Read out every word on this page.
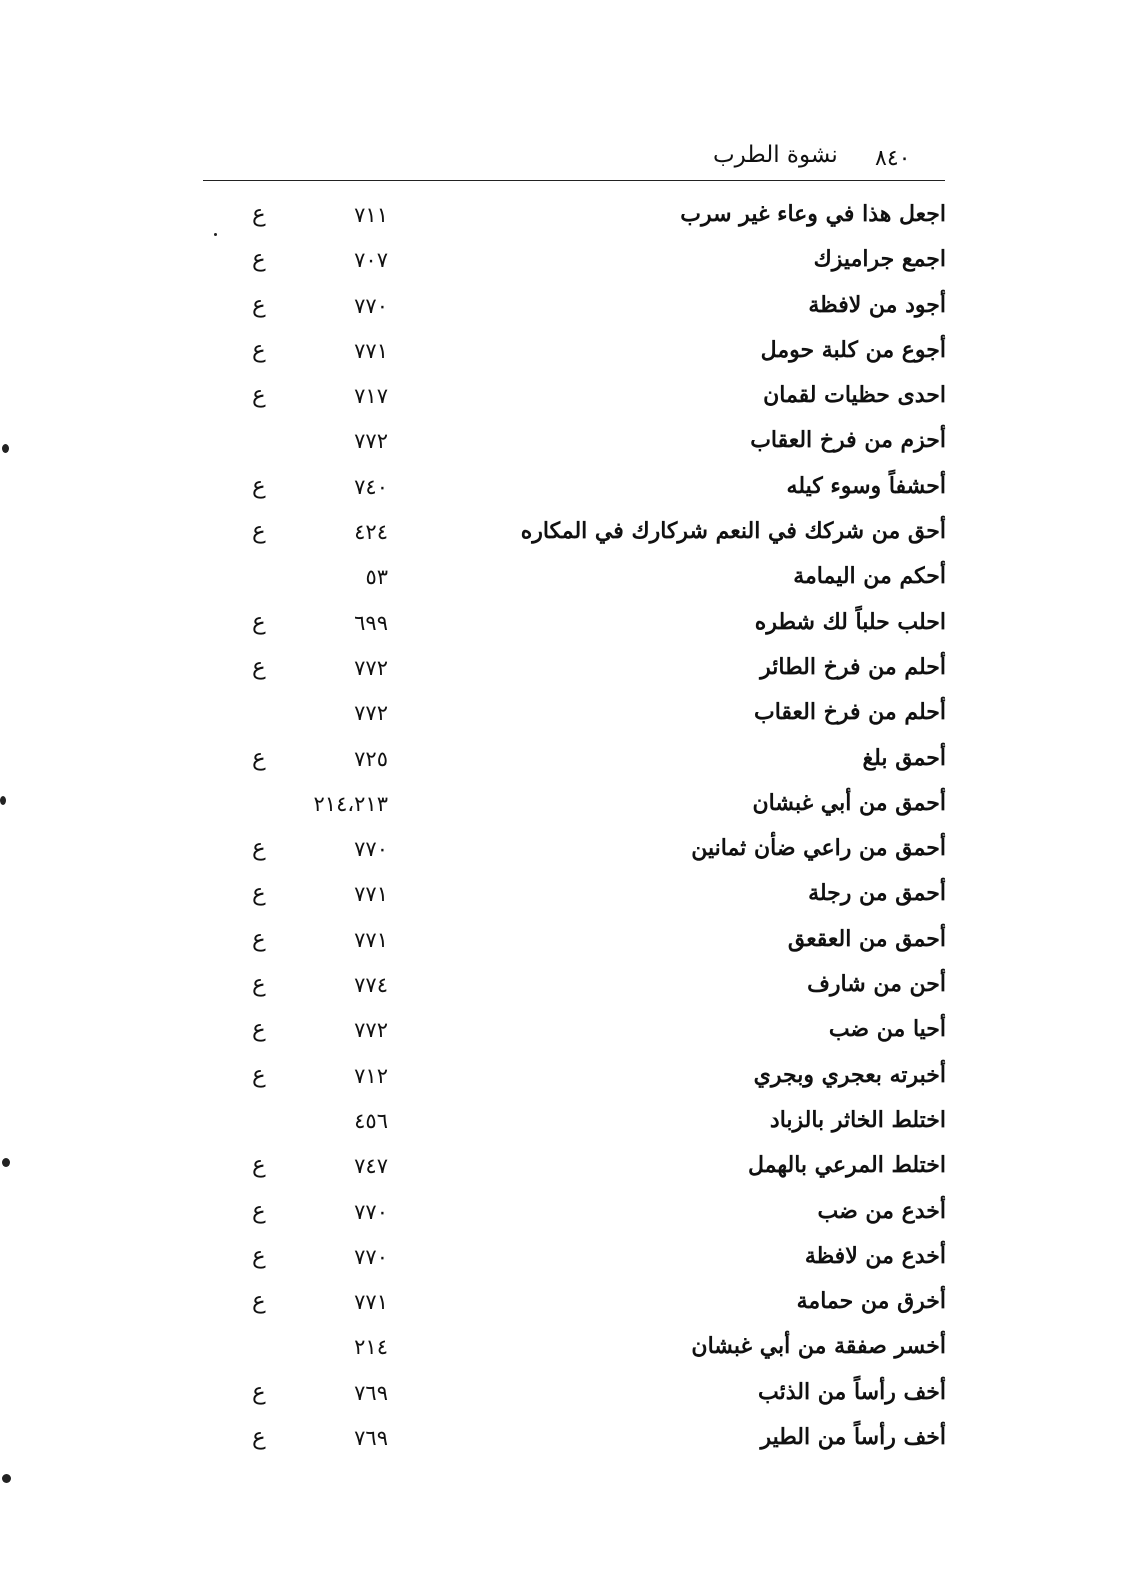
٨٤٠
نشوة الطرب
اجعل هذا في وعاء غير سرب
٧١١
ع
اجمع جراميزك
٧٠٧
ع
أجود من لافظة
٧٧٠
ع
أجوع من كلبة حومل
٧٧١
ع
احدى حظيات لقمان
٧١٧
ع
أحزم من فرخ العقاب
٧٧٢
أحشفاً وسوء كيله
٧٤٠
ع
أحق من شركك في النعم شركارك في المكاره
٤٢٤
ع
أحكم من اليمامة
٥٣
احلب حلباً لك شطره
٦٩٩
ع
أحلم من فرخ الطائر
٧٧٢
ع
أحلم من فرخ العقاب
٧٧٢
أحمق بلغ
٧٢٥
ع
أحمق من أبي غبشان
٢١٤،٢١٣
أحمق من راعي ضأن ثمانين
٧٧٠
ع
أحمق من رجلة
٧٧١
ع
أحمق من العقعق
٧٧١
ع
أحن من شارف
٧٧٤
ع
أحيا من ضب
٧٧٢
ع
أخبرته بعجري وبجري
٧١٢
ع
اختلط الخاثر بالزباد
٤٥٦
اختلط المرعي بالهمل
٧٤٧
ع
أخدع من ضب
٧٧٠
ع
أخدع من لافظة
٧٧٠
ع
أخرق من حمامة
٧٧١
ع
أخسر صفقة من أبي غبشان
٢١٤
أخف رأساً من الذئب
٧٦٩
ع
أخف رأساً من الطير
٧٦٩
ع
